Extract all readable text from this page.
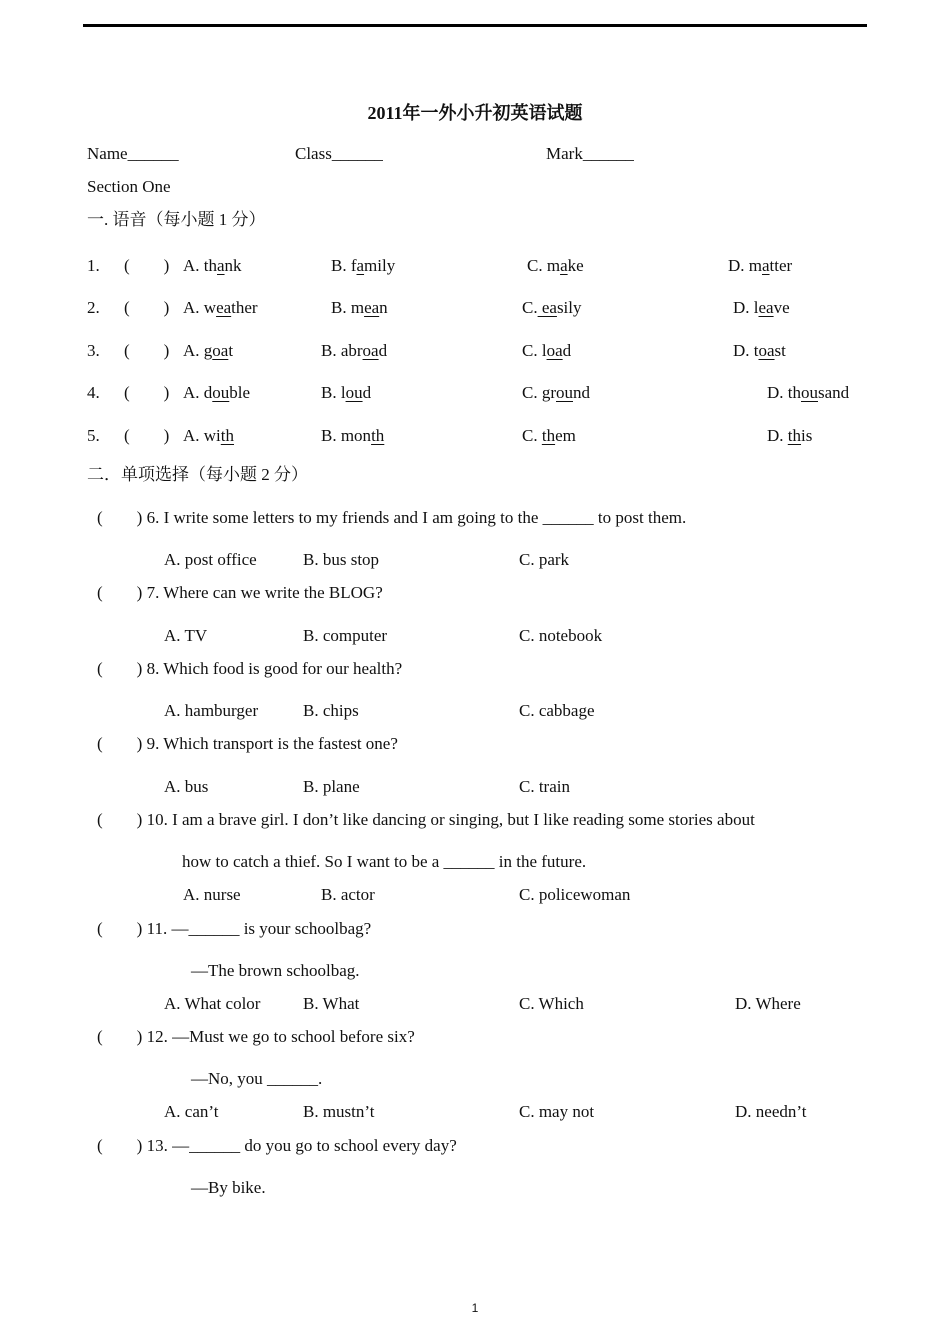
2011年一外小升初英语试题
Name______	Class______	Mark______
Section One
一. 语音（每小题 1 分）
1. (　　) A. thank	B. family	C. make	D. matter
2. (　　) A. weather	B. mean	C. easily	D. leave
3. (　　) A. goat	B. abroad	C. load	D. toast
4. (　　) A. double	B. loud	C. ground	D. thousand
5. (　　) A. with	B. month	C. them	D. this
二．单项选择（每小题 2 分）
(　　) 6. I write some letters to my friends and I am going to the ______ to post them.
A. post office	B. bus stop	C. park
(　　) 7. Where can we write the BLOG?
A. TV	B. computer	C. notebook
(　　) 8. Which food is good for our health?
A. hamburger	B. chips	C. cabbage
(　　) 9. Which transport is the fastest one?
A. bus	B. plane	C. train
(　　) 10. I am a brave girl. I don’t like dancing or singing, but I like reading some stories about
how to catch a thief. So I want to be a ______ in the future.
A. nurse	B. actor	C. policewoman
(　　) 11. —______ is your schoolbag?
—The brown schoolbag.
A. What color	B. What	C. Which	D. Where
(　　) 12. —Must we go to school before six?
—No, you ______.
A. can’t	B. mustn’t	C. may not	D. needn’t
(　　) 13. —______ do you go to school every day?
—By bike.
1
